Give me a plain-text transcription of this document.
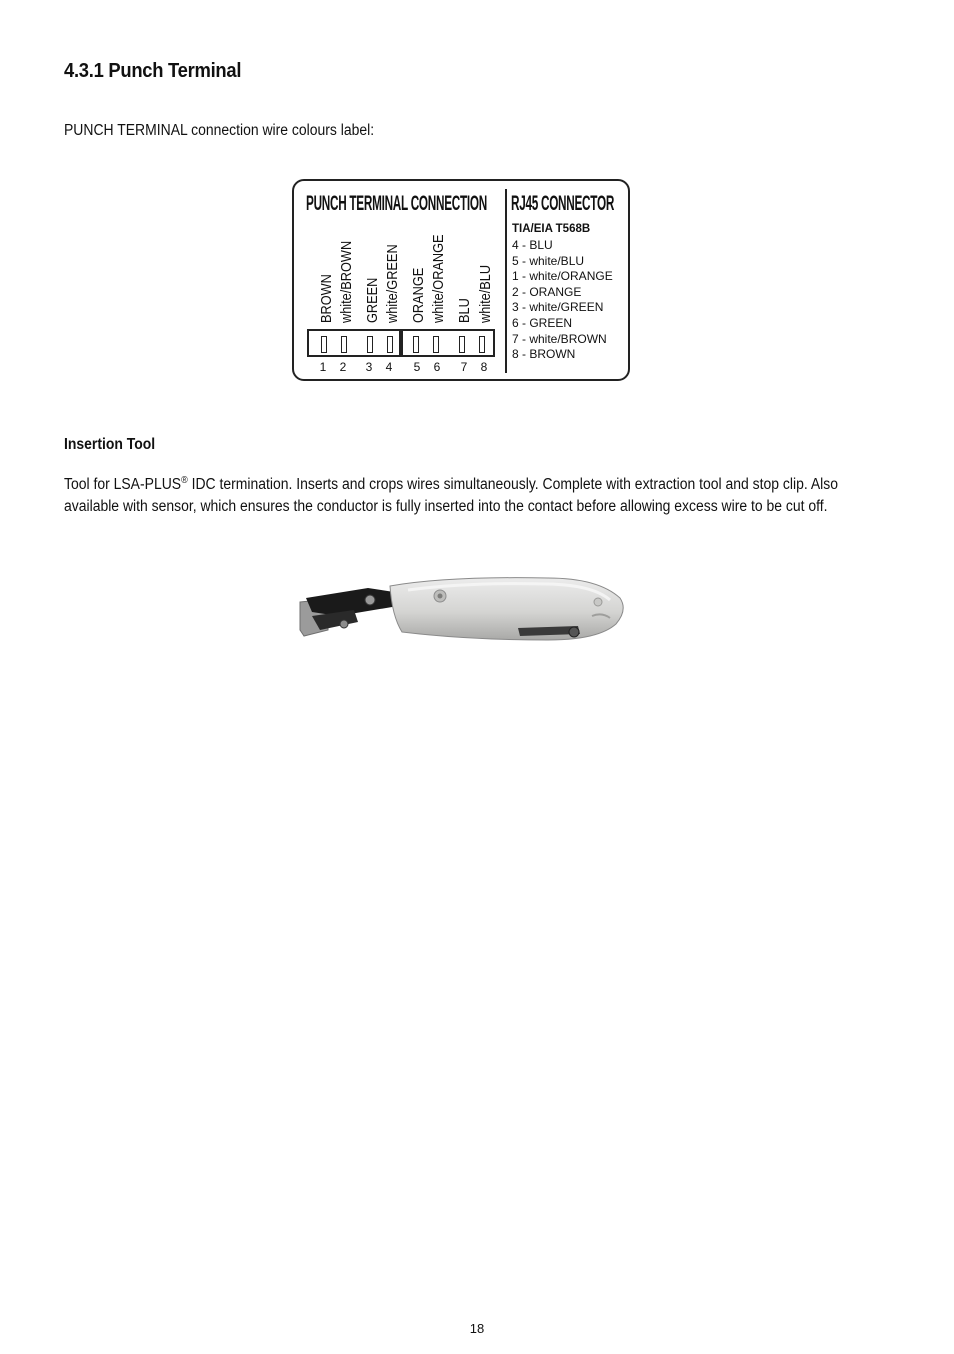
4.3.1 Punch Terminal

PUNCH TERMINAL connection wire colours label:

PUNCH TERMINAL CONNECTION RJ45 CONNECTOR
BROWN white/BROWN GREEN white/GREEN ORANGE white/ORANGE BLU white/BLU
1 2 3 4 5 6 7 8
TIA/EIA T568B
4 - BLU
5 - white/BLU
1 - white/ORANGE
2 - ORANGE
3 - white/GREEN
6 - GREEN
7 - white/BROWN
8 - BROWN
Insertion Tool

Tool for LSA-PLUS® IDC termination. Inserts and crops wires simultaneously. Complete with extraction tool and stop clip. Also available with sensor, which ensures the conductor is fully inserted into the contact before allowing excess wire to be cut off.

18
